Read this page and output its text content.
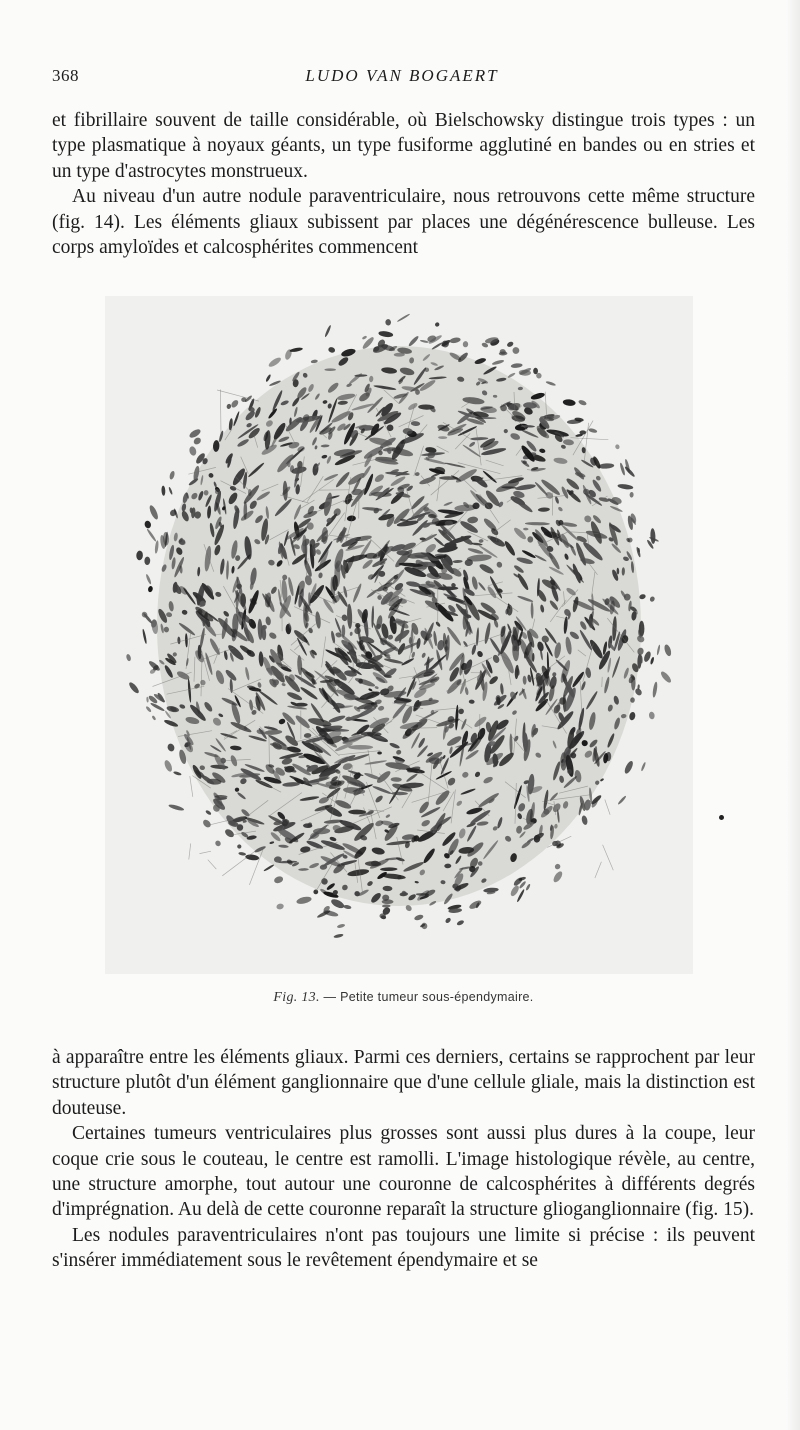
368	LUDO VAN BOGAERT

et fibrillaire souvent de taille considérable, où Bielschowsky distingue trois types : un type plasmatique à noyaux géants, un type fusiforme agglutiné en bandes ou en stries et un type d'astrocytes monstrueux.

Au niveau d'un autre nodule paraventriculaire, nous retrouvons cette même structure (fig. 14). Les éléments gliaux subissent par places une dégénérescence bulleuse. Les corps amyloïdes et calcosphérites commencent

Fig. 13. — Petite tumeur sous-épendymaire.

à apparaître entre les éléments gliaux. Parmi ces derniers, certains se rapprochent par leur structure plutôt d'un élément ganglionnaire que d'une cellule gliale, mais la distinction est douteuse.

Certaines tumeurs ventriculaires plus grosses sont aussi plus dures à la coupe, leur coque crie sous le couteau, le centre est ramolli. L'image histologique révèle, au centre, une structure amorphe, tout autour une couronne de calcosphérites à différents degrés d'imprégnation. Au delà de cette couronne reparaît la structure glioganglionnaire (fig. 15).

Les nodules paraventriculaires n'ont pas toujours une limite si précise : ils peuvent s'insérer immédiatement sous le revêtement épendymaire et se
